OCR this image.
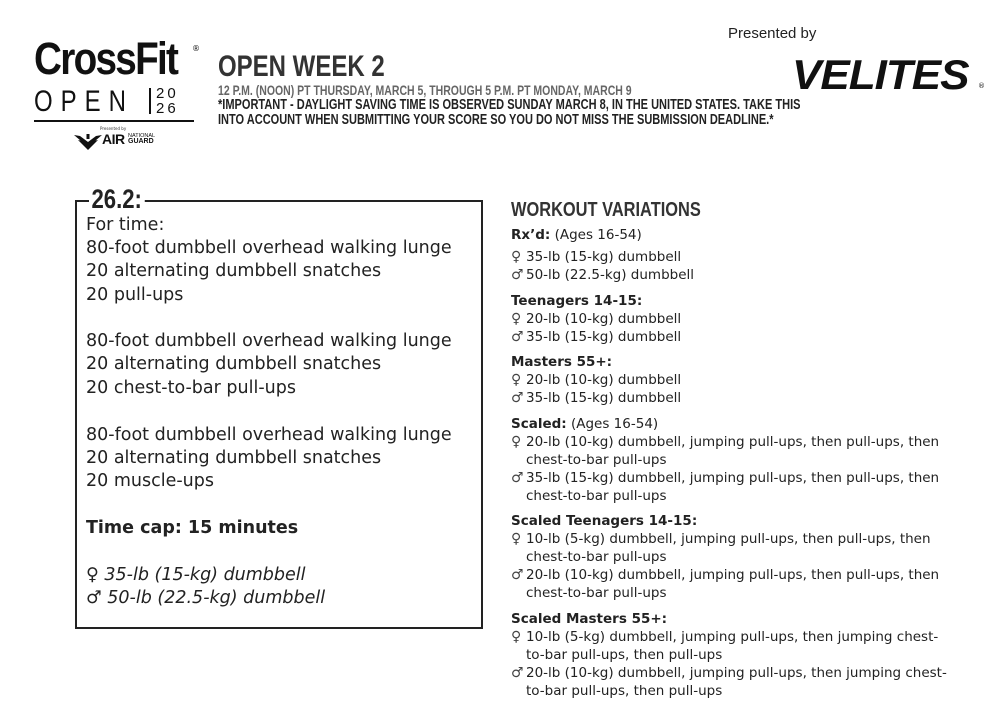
CrossFit ®
OPEN 20
26
Presented by
AIR NATIONAL
GUARD
OPEN WEEK 2
12 P.M. (NOON) PT THURSDAY, MARCH 5, THROUGH 5 P.M. PT MONDAY, MARCH 9
*IMPORTANT - DAYLIGHT SAVING TIME IS OBSERVED SUNDAY MARCH 8, IN THE UNITED STATES. TAKE THIS
INTO ACCOUNT WHEN SUBMITTING YOUR SCORE SO YOU DO NOT MISS THE SUBMISSION DEADLINE.*
Presented by
VELITES ®
26.2:
For time:
80-foot dumbbell overhead walking lunge
20 alternating dumbbell snatches
20 pull-ups
80-foot dumbbell overhead walking lunge
20 alternating dumbbell snatches
20 chest-to-bar pull-ups
80-foot dumbbell overhead walking lunge
20 alternating dumbbell snatches
20 muscle-ups
Time cap: 15 minutes
♀ 35-lb (15-kg) dumbbell
♂ 50-lb (22.5-kg) dumbbell
WORKOUT VARIATIONS
Rx’d: (Ages 16-54)
♀ 35-lb (15-kg) dumbbell
♂ 50-lb (22.5-kg) dumbbell
Teenagers 14-15:
♀ 20-lb (10-kg) dumbbell
♂ 35-lb (15-kg) dumbbell
Masters 55+:
♀ 20-lb (10-kg) dumbbell
♂ 35-lb (15-kg) dumbbell
Scaled: (Ages 16-54)
♀ 20-lb (10-kg) dumbbell, jumping pull-ups, then pull-ups, then
chest-to-bar pull-ups
♂ 35-lb (15-kg) dumbbell, jumping pull-ups, then pull-ups, then
chest-to-bar pull-ups
Scaled Teenagers 14-15:
♀ 10-lb (5-kg) dumbbell, jumping pull-ups, then pull-ups, then
chest-to-bar pull-ups
♂ 20-lb (10-kg) dumbbell, jumping pull-ups, then pull-ups, then
chest-to-bar pull-ups
Scaled Masters 55+:
♀ 10-lb (5-kg) dumbbell, jumping pull-ups, then jumping chest-
to-bar pull-ups, then pull-ups
♂ 20-lb (10-kg) dumbbell, jumping pull-ups, then jumping chest-
to-bar pull-ups, then pull-ups
